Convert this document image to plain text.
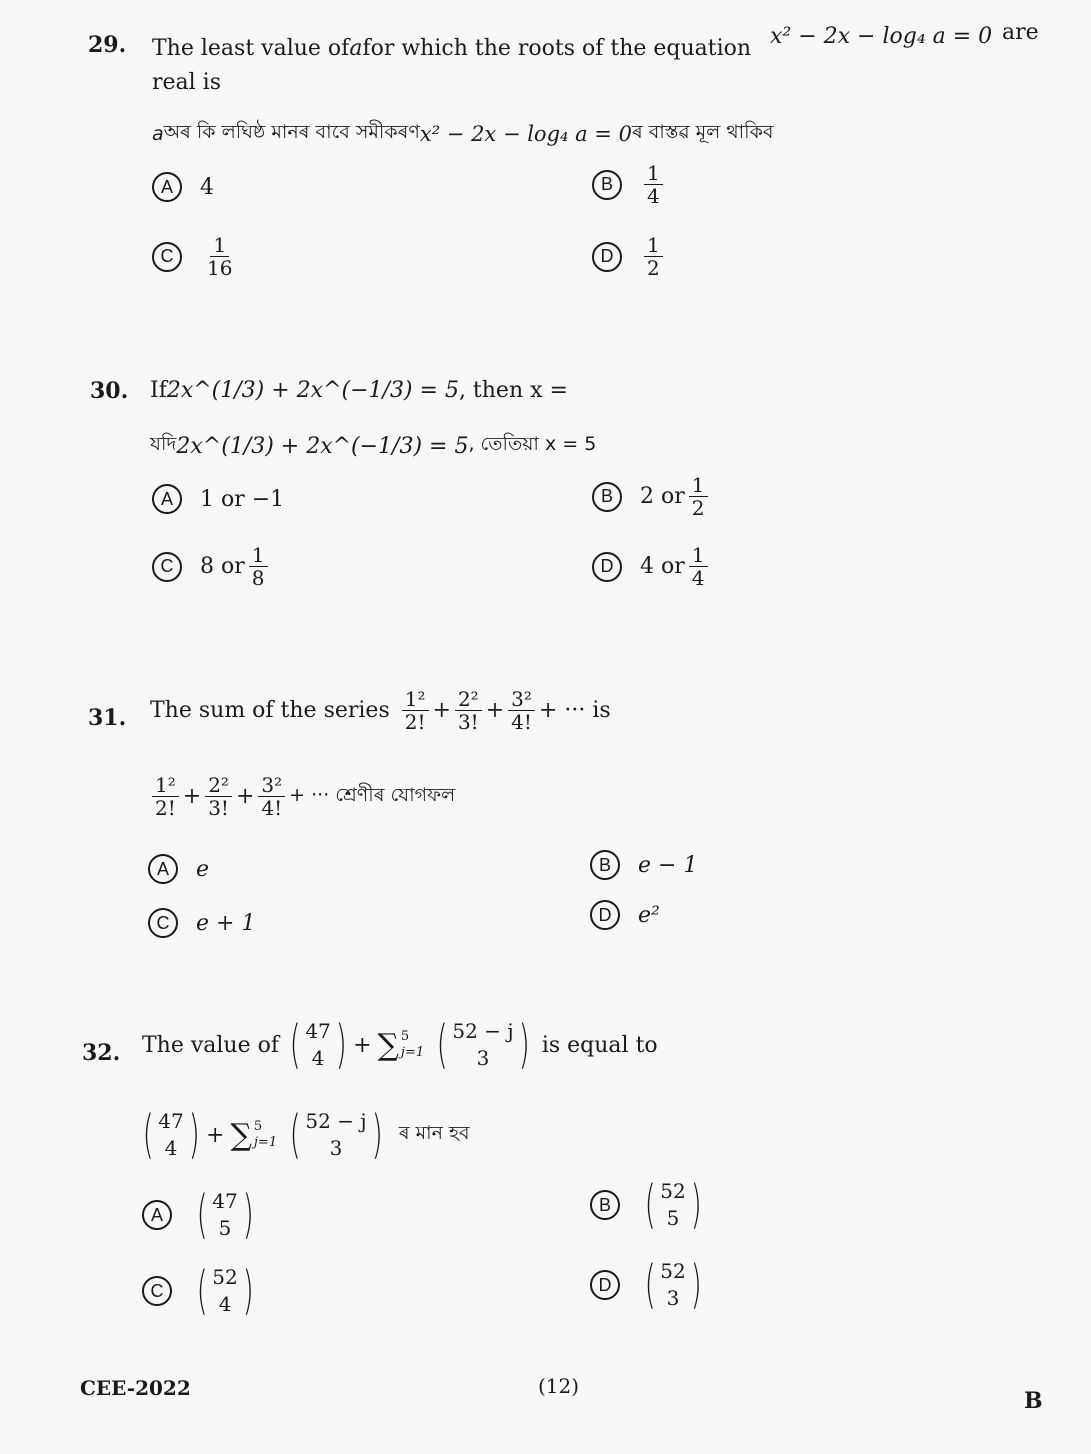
29. The least value of a for which the roots of the equation x² − 2x − log₄ a = 0 are
real is
a অৰ কি লঘিষ্ঠ মানৰ বাবে সমীকৰণ x² − 2x − log₄ a = 0 ৰ বাস্তৱ মূল থাকিব
A	4	B	$\frac{1}{4}$
C	$\frac{1}{16}$	D	$\frac{1}{2}$
30. If 2x^(1/3) + 2x^(−1/3) = 5 , then x =
যদি 2x^(1/3) + 2x^(−1/3) = 5 , তেতিয়া x = 5
A	1 or −1	B	2 or $\frac{1}{2}$
C	8 or $\frac{1}{8}$	D	4 or $\frac{1}{4}$
31. The sum of the series $\frac{\text{1²}}{2!} + \frac{\text{2²}}{3!} + \frac{\text{3²}}{4!}$ + ··· is
$\frac{\text{1²}}{2!} + \frac{\text{2²}}{3!} + \frac{\text{3²}}{4!}$ + ··· শ্ৰেণীৰ যোগফল
A	e	B	e − 1
C	e + 1	D	e²
32. The value of ( 47
4 ) + ∑ 5
j=1 ( 52 − j
3 ) is equal to
( 47
4 ) + ∑ 5
j=1 ( 52 − j
3 ) ৰ মান হব
A ( 47
5 )	B ( 52
5 )
C ( 52
4 )	D ( 52
3 )
CEE-2022	(12)
B
